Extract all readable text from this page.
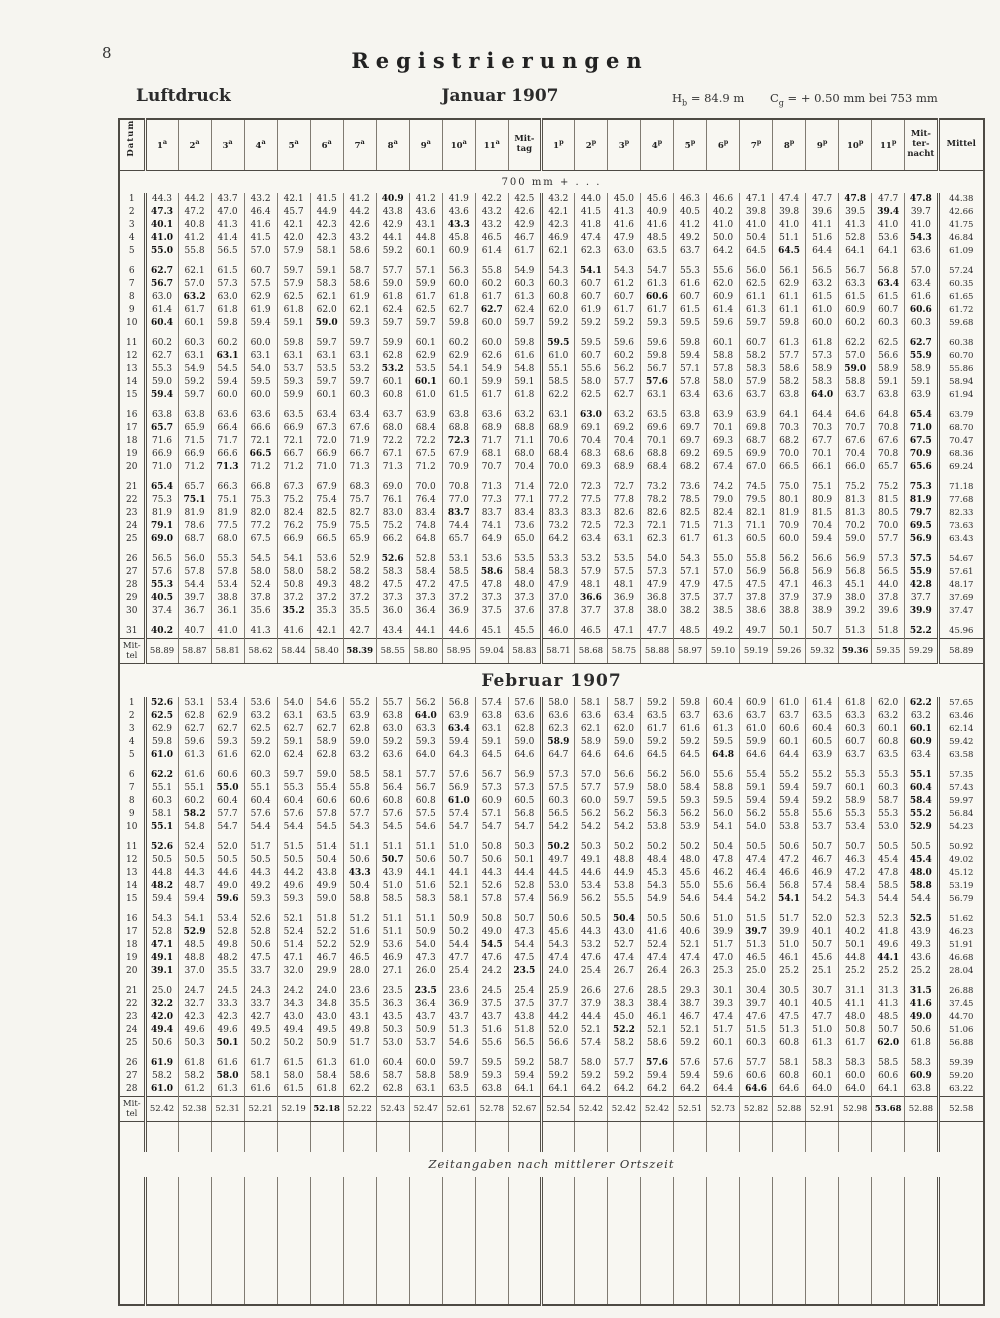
8	Registrierungen
Luftdruck	Januar 1907	$H_b = 84.9$ m $C_g$ = + 0.50 mm bei 753 mm
Datum	1$^a$	2$^a$	3$^a$	4$^a$	5$^a$	6$^a$	7$^a$	8$^a$	9$^a$	10$^a$	11$^a$	Mit-
tag	1$^p$	2$^p$	3$^p$	4$^p$	5$^p$	6$^p$	7$^p$	8$^p$	9$^p$	10$^p$	11$^p$	Mit-
ter-
nacht	Mittel
700 mm + . . .																									
1	44.3	44.2	43.7	43.2	42.1	41.5	41.2	40.9	41.2	41.9	42.2	42.5	43.2	44.0	45.0	45.6	46.3	46.6	47.1	47.4	47.7	47.8	47.7	47.8	44.38
2	47.3	47.2	47.0	46.4	45.7	44.9	44.2	43.8	43.6	43.6	43.2	42.6	42.1	41.5	41.3	40.9	40.5	40.2	39.8	39.8	39.6	39.5	39.4	39.7	42.66
3	40.1	40.8	41.3	41.6	42.1	42.3	42.6	42.9	43.1	43.3	43.2	42.9	42.3	41.8	41.6	41.6	41.2	41.0	41.0	41.0	41.1	41.3	41.0	41.0	41.75
4	41.0	41.2	41.4	41.5	42.0	42.3	43.2	44.1	44.8	45.8	46.5	46.7	46.9	47.4	47.9	48.5	49.2	50.0	50.4	51.1	51.6	52.8	53.6	54.3	46.84
5	55.0	55.8	56.5	57.0	57.9	58.1	58.6	59.2	60.1	60.9	61.4	61.7	62.1	62.3	63.0	63.5	63.7	64.2	64.5	64.5	64.4	64.1	64.1	63.6	61.09
6	62.7	62.1	61.5	60.7	59.7	59.1	58.7	57.7	57.1	56.3	55.8	54.9	54.3	54.1	54.3	54.7	55.3	55.6	56.0	56.1	56.5	56.7	56.8	57.0	57.24
7	56.7	57.0	57.3	57.5	57.9	58.3	58.6	59.0	59.9	60.0	60.2	60.3	60.3	60.7	61.2	61.3	61.6	62.0	62.5	62.9	63.2	63.3	63.4	63.4	60.35
8	63.0	63.2	63.0	62.9	62.5	62.1	61.9	61.8	61.7	61.8	61.7	61.3	60.8	60.7	60.7	60.6	60.7	60.9	61.1	61.1	61.5	61.5	61.5	61.6	61.65
9	61.4	61.7	61.8	61.9	61.8	62.0	62.1	62.4	62.5	62.7	62.7	62.4	62.0	61.9	61.7	61.7	61.5	61.4	61.3	61.1	61.0	60.9	60.7	60.6	61.72
10	60.4	60.1	59.8	59.4	59.1	59.0	59.3	59.7	59.7	59.8	60.0	59.7	59.2	59.2	59.2	59.3	59.5	59.6	59.7	59.8	60.0	60.2	60.3	60.3	59.68
11	60.2	60.3	60.2	60.0	59.8	59.7	59.7	59.9	60.1	60.2	60.0	59.8	59.5	59.5	59.6	59.6	59.8	60.1	60.7	61.3	61.8	62.2	62.5	62.7	60.38
12	62.7	63.1	63.1	63.1	63.1	63.1	63.1	62.8	62.9	62.9	62.6	61.6	61.0	60.7	60.2	59.8	59.4	58.8	58.2	57.7	57.3	57.0	56.6	55.9	60.70
13	55.3	54.9	54.5	54.0	53.7	53.5	53.2	53.2	53.5	54.1	54.9	54.8	55.1	55.6	56.2	56.7	57.1	57.8	58.3	58.6	58.9	59.0	58.9	58.9	55.86
14	59.0	59.2	59.4	59.5	59.3	59.7	59.7	60.1	60.1	60.1	59.9	59.1	58.5	58.0	57.7	57.6	57.8	58.0	57.9	58.2	58.3	58.8	59.1	59.1	58.94
15	59.4	59.7	60.0	60.0	59.9	60.1	60.3	60.8	61.0	61.5	61.7	61.8	62.2	62.5	62.7	63.1	63.4	63.6	63.7	63.8	64.0	63.7	63.8	63.9	61.94
16	63.8	63.8	63.6	63.6	63.5	63.4	63.4	63.7	63.9	63.8	63.6	63.2	63.1	63.0	63.2	63.5	63.8	63.9	63.9	64.1	64.4	64.6	64.8	65.4	63.79
17	65.7	65.9	66.4	66.6	66.9	67.3	67.6	68.0	68.4	68.8	68.9	68.8	68.9	69.1	69.2	69.6	69.7	70.1	69.8	70.3	70.3	70.7	70.8	71.0	68.70
18	71.6	71.5	71.7	72.1	72.1	72.0	71.9	72.2	72.2	72.3	71.7	71.1	70.6	70.4	70.4	70.1	69.7	69.3	68.7	68.2	67.7	67.6	67.6	67.5	70.47
19	66.9	66.9	66.6	66.5	66.7	66.9	66.7	67.1	67.5	67.9	68.1	68.0	68.4	68.3	68.6	68.8	69.2	69.5	69.9	70.0	70.1	70.4	70.8	70.9	68.36
20	71.0	71.2	71.3	71.2	71.2	71.0	71.3	71.3	71.2	70.9	70.7	70.4	70.0	69.3	68.9	68.4	68.2	67.4	67.0	66.5	66.1	66.0	65.7	65.6	69.24
21	65.4	65.7	66.3	66.8	67.3	67.9	68.3	69.0	70.0	70.8	71.3	71.4	72.0	72.3	72.7	73.2	73.6	74.2	74.5	75.0	75.1	75.2	75.2	75.3	71.18
22	75.3	75.1	75.1	75.3	75.2	75.4	75.7	76.1	76.4	77.0	77.3	77.1	77.2	77.5	77.8	78.2	78.5	79.0	79.5	80.1	80.9	81.3	81.5	81.9	77.68
23	81.9	81.9	81.9	82.0	82.4	82.5	82.7	83.0	83.4	83.7	83.7	83.4	83.3	83.3	82.6	82.6	82.5	82.4	82.1	81.9	81.5	81.3	80.5	79.7	82.33
24	79.1	78.6	77.5	77.2	76.2	75.9	75.5	75.2	74.8	74.4	74.1	73.6	73.2	72.5	72.3	72.1	71.5	71.3	71.1	70.9	70.4	70.2	70.0	69.5	73.63
25	69.0	68.7	68.0	67.5	66.9	66.5	65.9	66.2	64.8	65.7	64.9	65.0	64.2	63.4	63.1	62.3	61.7	61.3	60.5	60.0	59.4	59.0	57.7	56.9	63.43
26	56.5	56.0	55.3	54.5	54.1	53.6	52.9	52.6	52.8	53.1	53.6	53.5	53.3	53.2	53.5	54.0	54.3	55.0	55.8	56.2	56.6	56.9	57.3	57.5	54.67
27	57.6	57.8	57.8	58.0	58.0	58.2	58.2	58.3	58.4	58.5	58.6	58.4	58.3	57.9	57.5	57.3	57.1	57.0	56.9	56.8	56.9	56.8	56.5	55.9	57.61
28	55.3	54.4	53.4	52.4	50.8	49.3	48.2	47.5	47.2	47.5	47.8	48.0	47.9	48.1	48.1	47.9	47.9	47.5	47.5	47.1	46.3	45.1	44.0	42.8	48.17
29	40.5	39.7	38.8	37.8	37.2	37.2	37.2	37.3	37.3	37.2	37.3	37.3	37.0	36.6	36.9	36.8	37.5	37.7	37.8	37.9	37.9	38.0	37.8	37.7	37.69
30	37.4	36.7	36.1	35.6	35.2	35.3	35.5	36.0	36.4	36.9	37.5	37.6	37.8	37.7	37.8	38.0	38.2	38.5	38.6	38.8	38.9	39.2	39.6	39.9	37.47
31	40.2	40.7	41.0	41.3	41.6	42.1	42.7	43.4	44.1	44.6	45.1	45.5	46.0	46.5	47.1	47.7	48.5	49.2	49.7	50.1	50.7	51.3	51.8	52.2	45.96
Mit-
tel	58.89	58.87	58.81	58.62	58.44	58.40	58.39	58.55	58.80	58.95	59.04	58.83	58.71	58.68	58.75	58.88	58.97	59.10	59.19	59.26	59.32	59.36	59.35	59.29	58.89
Februar 1907																									
1	52.6	53.1	53.4	53.6	54.0	54.6	55.2	55.7	56.2	56.8	57.4	57.6	58.0	58.1	58.7	59.2	59.8	60.4	60.9	61.0	61.4	61.8	62.0	62.2	57.65
2	62.5	62.8	62.9	63.2	63.1	63.5	63.9	63.8	64.0	63.9	63.8	63.6	63.6	63.6	63.4	63.5	63.7	63.6	63.7	63.7	63.5	63.3	63.2	63.2	63.46
3	62.9	62.7	62.7	62.5	62.7	62.7	62.8	63.0	63.3	63.4	63.1	62.8	62.3	62.1	62.0	61.7	61.6	61.3	61.0	60.6	60.4	60.3	60.1	60.1	62.14
4	59.8	59.6	59.3	59.2	59.1	58.9	59.0	59.2	59.3	59.4	59.1	59.0	58.9	58.9	59.0	59.2	59.2	59.5	59.9	60.1	60.5	60.7	60.8	60.9	59.42
5	61.0	61.3	61.6	62.0	62.4	62.8	63.2	63.6	64.0	64.3	64.5	64.6	64.7	64.6	64.6	64.5	64.5	64.8	64.6	64.4	63.9	63.7	63.5	63.4	63.58
6	62.2	61.6	60.6	60.3	59.7	59.0	58.5	58.1	57.7	57.6	56.7	56.9	57.3	57.0	56.6	56.2	56.0	55.6	55.4	55.2	55.2	55.3	55.3	55.1	57.35
7	55.1	55.1	55.0	55.1	55.3	55.4	55.8	56.4	56.7	56.9	57.3	57.3	57.5	57.7	57.9	58.0	58.4	58.8	59.1	59.4	59.7	60.1	60.3	60.4	57.43
8	60.3	60.2	60.4	60.4	60.4	60.6	60.6	60.8	60.8	61.0	60.9	60.5	60.3	60.0	59.7	59.5	59.3	59.5	59.4	59.4	59.2	58.9	58.7	58.4	59.97
9	58.1	58.2	57.7	57.6	57.6	57.8	57.7	57.6	57.5	57.4	57.1	56.8	56.5	56.2	56.2	56.3	56.2	56.0	56.2	55.8	55.6	55.3	55.3	55.2	56.84
10	55.1	54.8	54.7	54.4	54.4	54.5	54.3	54.5	54.6	54.7	54.7	54.7	54.2	54.2	54.2	53.8	53.9	54.1	54.0	53.8	53.7	53.4	53.0	52.9	54.23
11	52.6	52.4	52.0	51.7	51.5	51.4	51.1	51.1	51.1	51.0	50.8	50.3	50.2	50.3	50.2	50.2	50.2	50.4	50.5	50.6	50.7	50.7	50.5	50.5	50.92
12	50.5	50.5	50.5	50.5	50.5	50.4	50.6	50.7	50.6	50.7	50.6	50.1	49.7	49.1	48.8	48.4	48.0	47.8	47.4	47.2	46.7	46.3	45.4	45.4	49.02
13	44.8	44.3	44.6	44.3	44.2	43.8	43.3	43.9	44.1	44.1	44.3	44.4	44.5	44.6	44.9	45.3	45.6	46.2	46.4	46.6	46.9	47.2	47.8	48.0	45.12
14	48.2	48.7	49.0	49.2	49.6	49.9	50.4	51.0	51.6	52.1	52.6	52.8	53.0	53.4	53.8	54.3	55.0	55.6	56.4	56.8	57.4	58.4	58.5	58.8	53.19
15	59.4	59.4	59.6	59.3	59.3	59.0	58.8	58.5	58.3	58.1	57.8	57.4	56.9	56.2	55.5	54.9	54.6	54.4	54.2	54.1	54.2	54.3	54.4	54.4	56.79
16	54.3	54.1	53.4	52.6	52.1	51.8	51.2	51.1	51.1	50.9	50.8	50.7	50.6	50.5	50.4	50.5	50.6	51.0	51.5	51.7	52.0	52.3	52.3	52.5	51.62
17	52.8	52.9	52.8	52.8	52.4	52.2	51.6	51.1	50.9	50.2	49.0	47.3	45.6	44.3	43.0	41.6	40.6	39.9	39.7	39.9	40.1	40.2	41.8	43.9	46.23
18	47.1	48.5	49.8	50.6	51.4	52.2	52.9	53.6	54.0	54.4	54.5	54.4	54.3	53.2	52.7	52.4	52.1	51.7	51.3	51.0	50.7	50.1	49.6	49.3	51.91
19	49.1	48.8	48.2	47.5	47.1	46.7	46.5	46.9	47.3	47.7	47.6	47.5	47.4	47.6	47.4	47.4	47.4	47.0	46.5	46.1	45.6	44.8	44.1	43.6	46.68
20	39.1	37.0	35.5	33.7	32.0	29.9	28.0	27.1	26.0	25.4	24.2	23.5	24.0	25.4	26.7	26.4	26.3	25.3	25.0	25.2	25.1	25.2	25.2	25.2	28.04
21	25.0	24.7	24.5	24.3	24.2	24.0	23.6	23.5	23.5	23.6	24.5	25.4	25.9	26.6	27.6	28.5	29.3	30.1	30.4	30.5	30.7	31.1	31.3	31.5	26.88
22	32.2	32.7	33.3	33.7	34.3	34.8	35.5	36.3	36.4	36.9	37.5	37.5	37.7	37.9	38.3	38.4	38.7	39.3	39.7	40.1	40.5	41.1	41.3	41.6	37.45
23	42.0	42.3	42.3	42.7	43.0	43.0	43.1	43.5	43.7	43.7	43.7	43.8	44.2	44.4	45.0	46.1	46.7	47.4	47.6	47.5	47.7	48.0	48.5	49.0	44.70
24	49.4	49.6	49.6	49.5	49.4	49.5	49.8	50.3	50.9	51.3	51.6	51.8	52.0	52.1	52.2	52.1	52.1	51.7	51.5	51.3	51.0	50.8	50.7	50.6	51.06
25	50.6	50.3	50.1	50.2	50.2	50.9	51.7	53.0	53.7	54.6	55.6	56.5	56.6	57.4	58.2	58.6	59.2	60.1	60.3	60.8	61.3	61.7	62.0	61.8	56.88
26	61.9	61.8	61.6	61.7	61.5	61.3	61.0	60.4	60.0	59.7	59.5	59.2	58.7	58.0	57.7	57.6	57.6	57.6	57.7	58.1	58.3	58.3	58.5	58.3	59.39
27	58.2	58.2	58.0	58.1	58.0	58.4	58.6	58.7	58.8	58.9	59.3	59.4	59.2	59.2	59.2	59.4	59.4	59.6	60.6	60.8	60.1	60.0	60.6	60.9	59.20
28	61.0	61.2	61.3	61.6	61.5	61.8	62.2	62.8	63.1	63.5	63.8	64.1	64.1	64.2	64.2	64.2	64.2	64.4	64.6	64.6	64.0	64.0	64.1	63.8	63.22
Mit-
tel	52.42	52.38	52.31	52.21	52.19	52.18	52.22	52.43	52.47	52.61	52.78	52.67	52.54	52.42	52.42	52.42	52.51	52.73	52.82	52.88	52.91	52.98	53.68	52.88	52.58

Zeitangaben nach mittlerer Ortszeit																									
